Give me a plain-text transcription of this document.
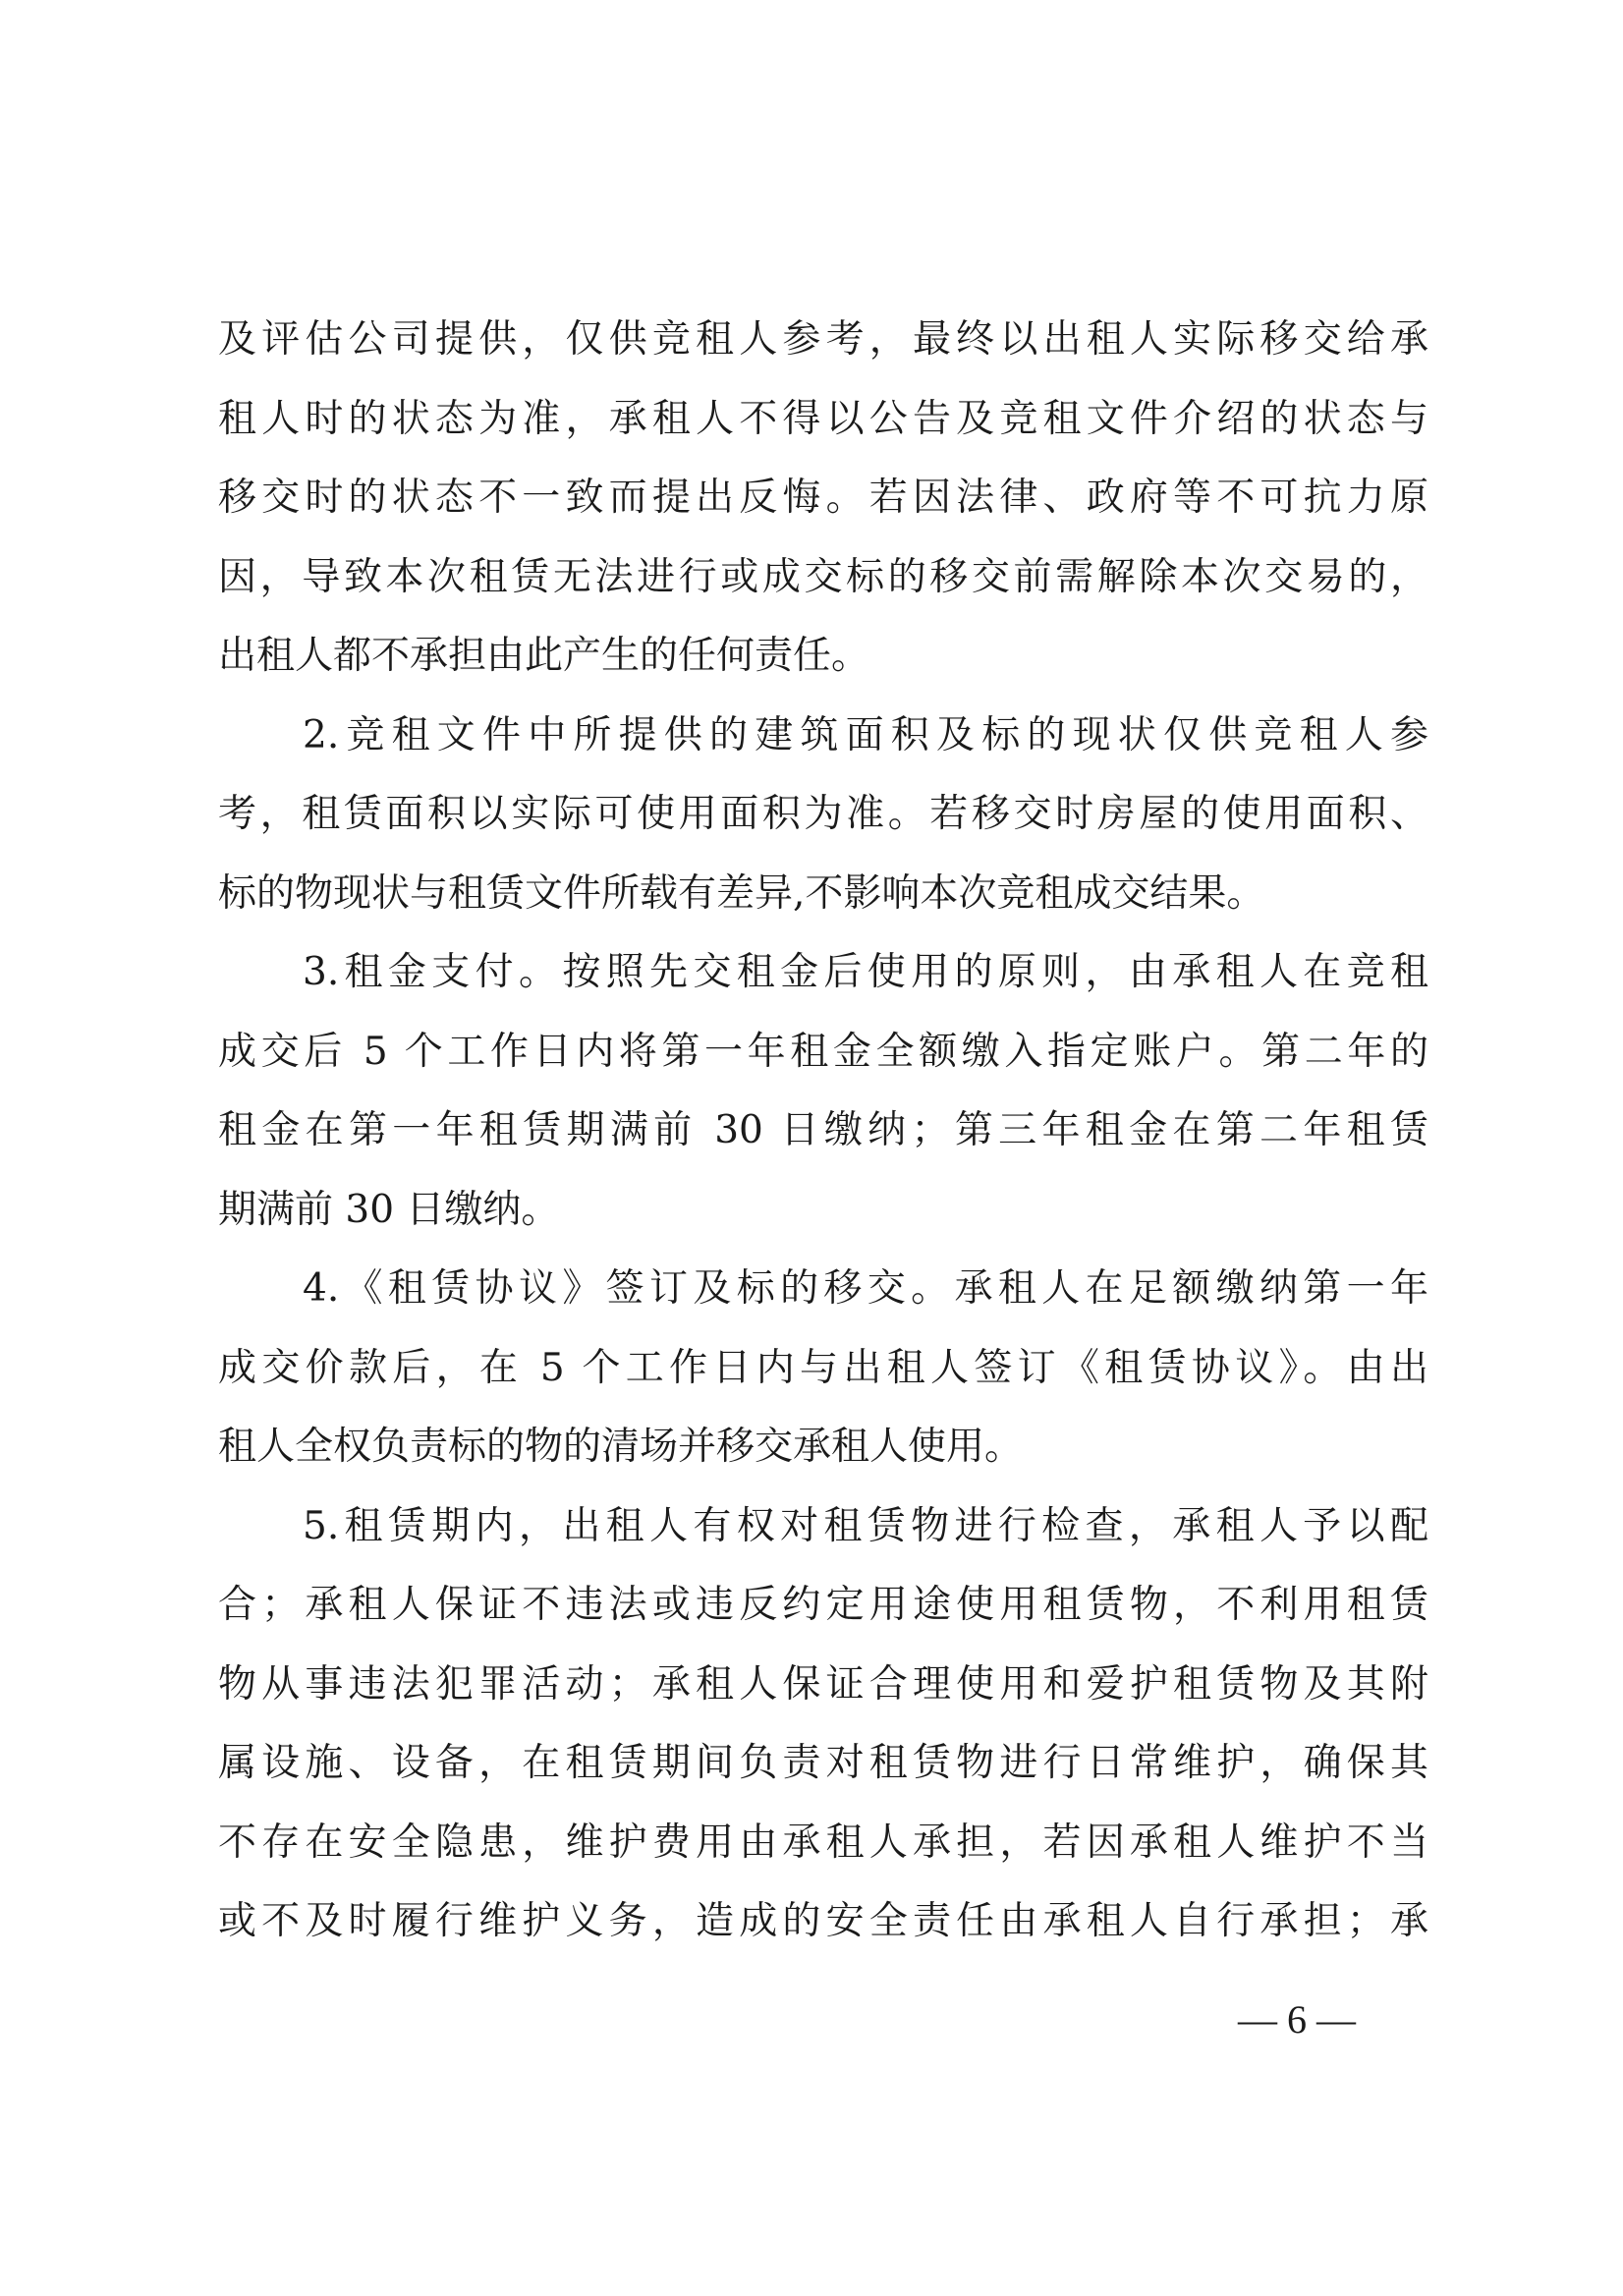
及评估公司提供，仅供竞租人参考，最终以出租人实际移交给承
租人时的状态为准，承租人不得以公告及竞租文件介绍的状态与
移交时的状态不一致而提出反悔。若因法律、政府等不可抗力原
因，导致本次租赁无法进行或成交标的移交前需解除本次交易的，
出租人都不承担由此产生的任何责任。
2.竞租文件中所提供的建筑面积及标的现状仅供竞租人参
考，租赁面积以实际可使用面积为准。若移交时房屋的使用面积、
标的物现状与租赁文件所载有差异,不影响本次竞租成交结果。
3.租金支付。按照先交租金后使用的原则，由承租人在竞租
成交后 5 个工作日内将第一年租金全额缴入指定账户。第二年的
租金在第一年租赁期满前 30 日缴纳；第三年租金在第二年租赁
期满前 30 日缴纳。
4.《租赁协议》签订及标的移交。承租人在足额缴纳第一年
成交价款后，在 5 个工作日内与出租人签订《租赁协议》。由出
租人全权负责标的物的清场并移交承租人使用。
5.租赁期内，出租人有权对租赁物进行检查，承租人予以配
合；承租人保证不违法或违反约定用途使用租赁物，不利用租赁
物从事违法犯罪活动；承租人保证合理使用和爱护租赁物及其附
属设施、设备，在租赁期间负责对租赁物进行日常维护，确保其
不存在安全隐患，维护费用由承租人承担，若因承租人维护不当
或不及时履行维护义务，造成的安全责任由承租人自行承担；承
— 6 —
